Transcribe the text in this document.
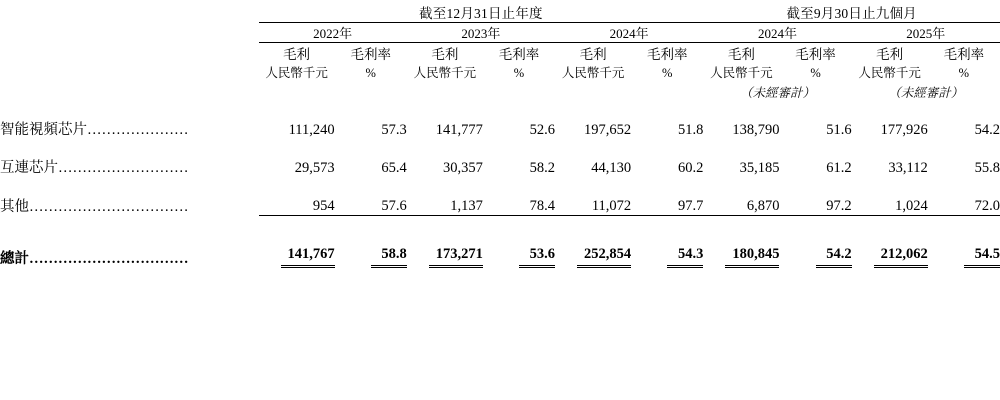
	截至12月31日止年度						截至9月30日止九個月			
	2022年		2023年		2024年		2024年		2025年	
	毛利	毛利率	毛利	毛利率	毛利	毛利率	毛利	毛利率	毛利	毛利率
	人民幣千元	%	人民幣千元	%	人民幣千元	%	人民幣千元	%	人民幣千元	%
							（未經審計）		（未經審計）	
智能視頻芯片…………………	111,240	57.3	141,777	52.6	197,652	51.8	138,790	51.6	177,926	54.2
互連芯片………………………	29,573	65.4	30,357	58.2	44,130	60.2	35,185	61.2	33,112	55.8
其他……………………………	954	57.6	1,137	78.4	11,072	97.7	6,870	97.2	1,024	72.0

總計……………………………	141,767	58.8	173,271	53.6	252,854	54.3	180,845	54.2	212,062	54.5
